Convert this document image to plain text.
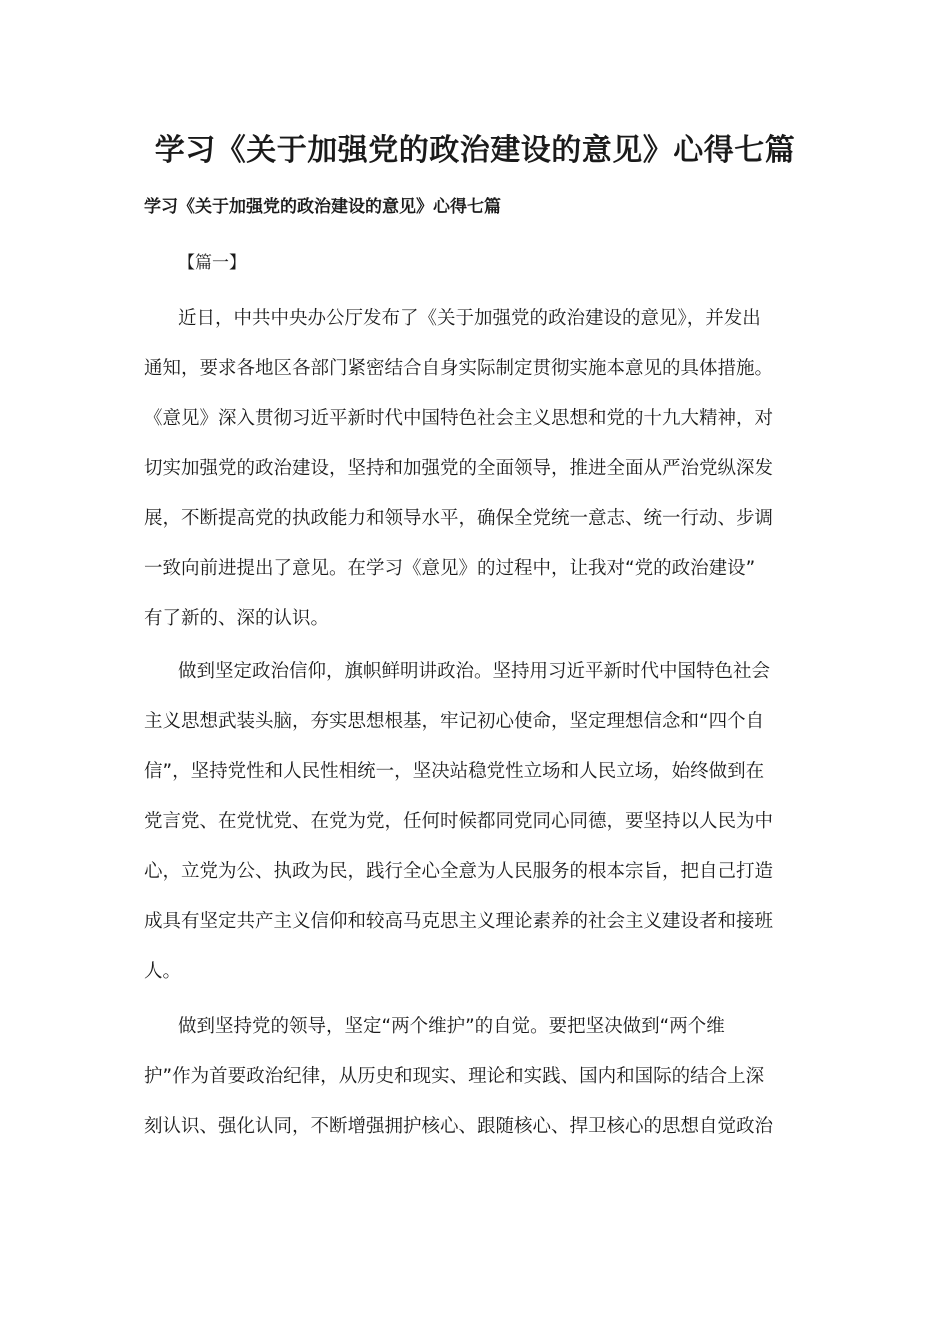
学习《关于加强党的政治建设的意见》心得七篇

学习《关于加强党的政治建设的意见》心得七篇

【篇一】

近日，中共中央办公厅发布了《关于加强党的政治建设的意见》，并发出
通知，要求各地区各部门紧密结合自身实际制定贯彻实施本意见的具体措施。
《意见》深入贯彻习近平新时代中国特色社会主义思想和党的十九大精神，对
切实加强党的政治建设，坚持和加强党的全面领导，推进全面从严治党纵深发
展，不断提高党的执政能力和领导水平，确保全党统一意志、统一行动、步调
一致向前进提出了意见。在学习《意见》的过程中，让我对“党的政治建设”
有了新的、深的认识。
做到坚定政治信仰，旗帜鲜明讲政治。坚持用习近平新时代中国特色社会
主义思想武装头脑，夯实思想根基，牢记初心使命，坚定理想信念和“四个自
信”，坚持党性和人民性相统一，坚决站稳党性立场和人民立场，始终做到在
党言党、在党忧党、在党为党，任何时候都同党同心同德，要坚持以人民为中
心，立党为公、执政为民，践行全心全意为人民服务的根本宗旨，把自己打造
成具有坚定共产主义信仰和较高马克思主义理论素养的社会主义建设者和接班
人。
做到坚持党的领导，坚定“两个维护”的自觉。要把坚决做到“两个维
护”作为首要政治纪律，从历史和现实、理论和实践、国内和国际的结合上深
刻认识、强化认同，不断增强拥护核心、跟随核心、捍卫核心的思想自觉政治
